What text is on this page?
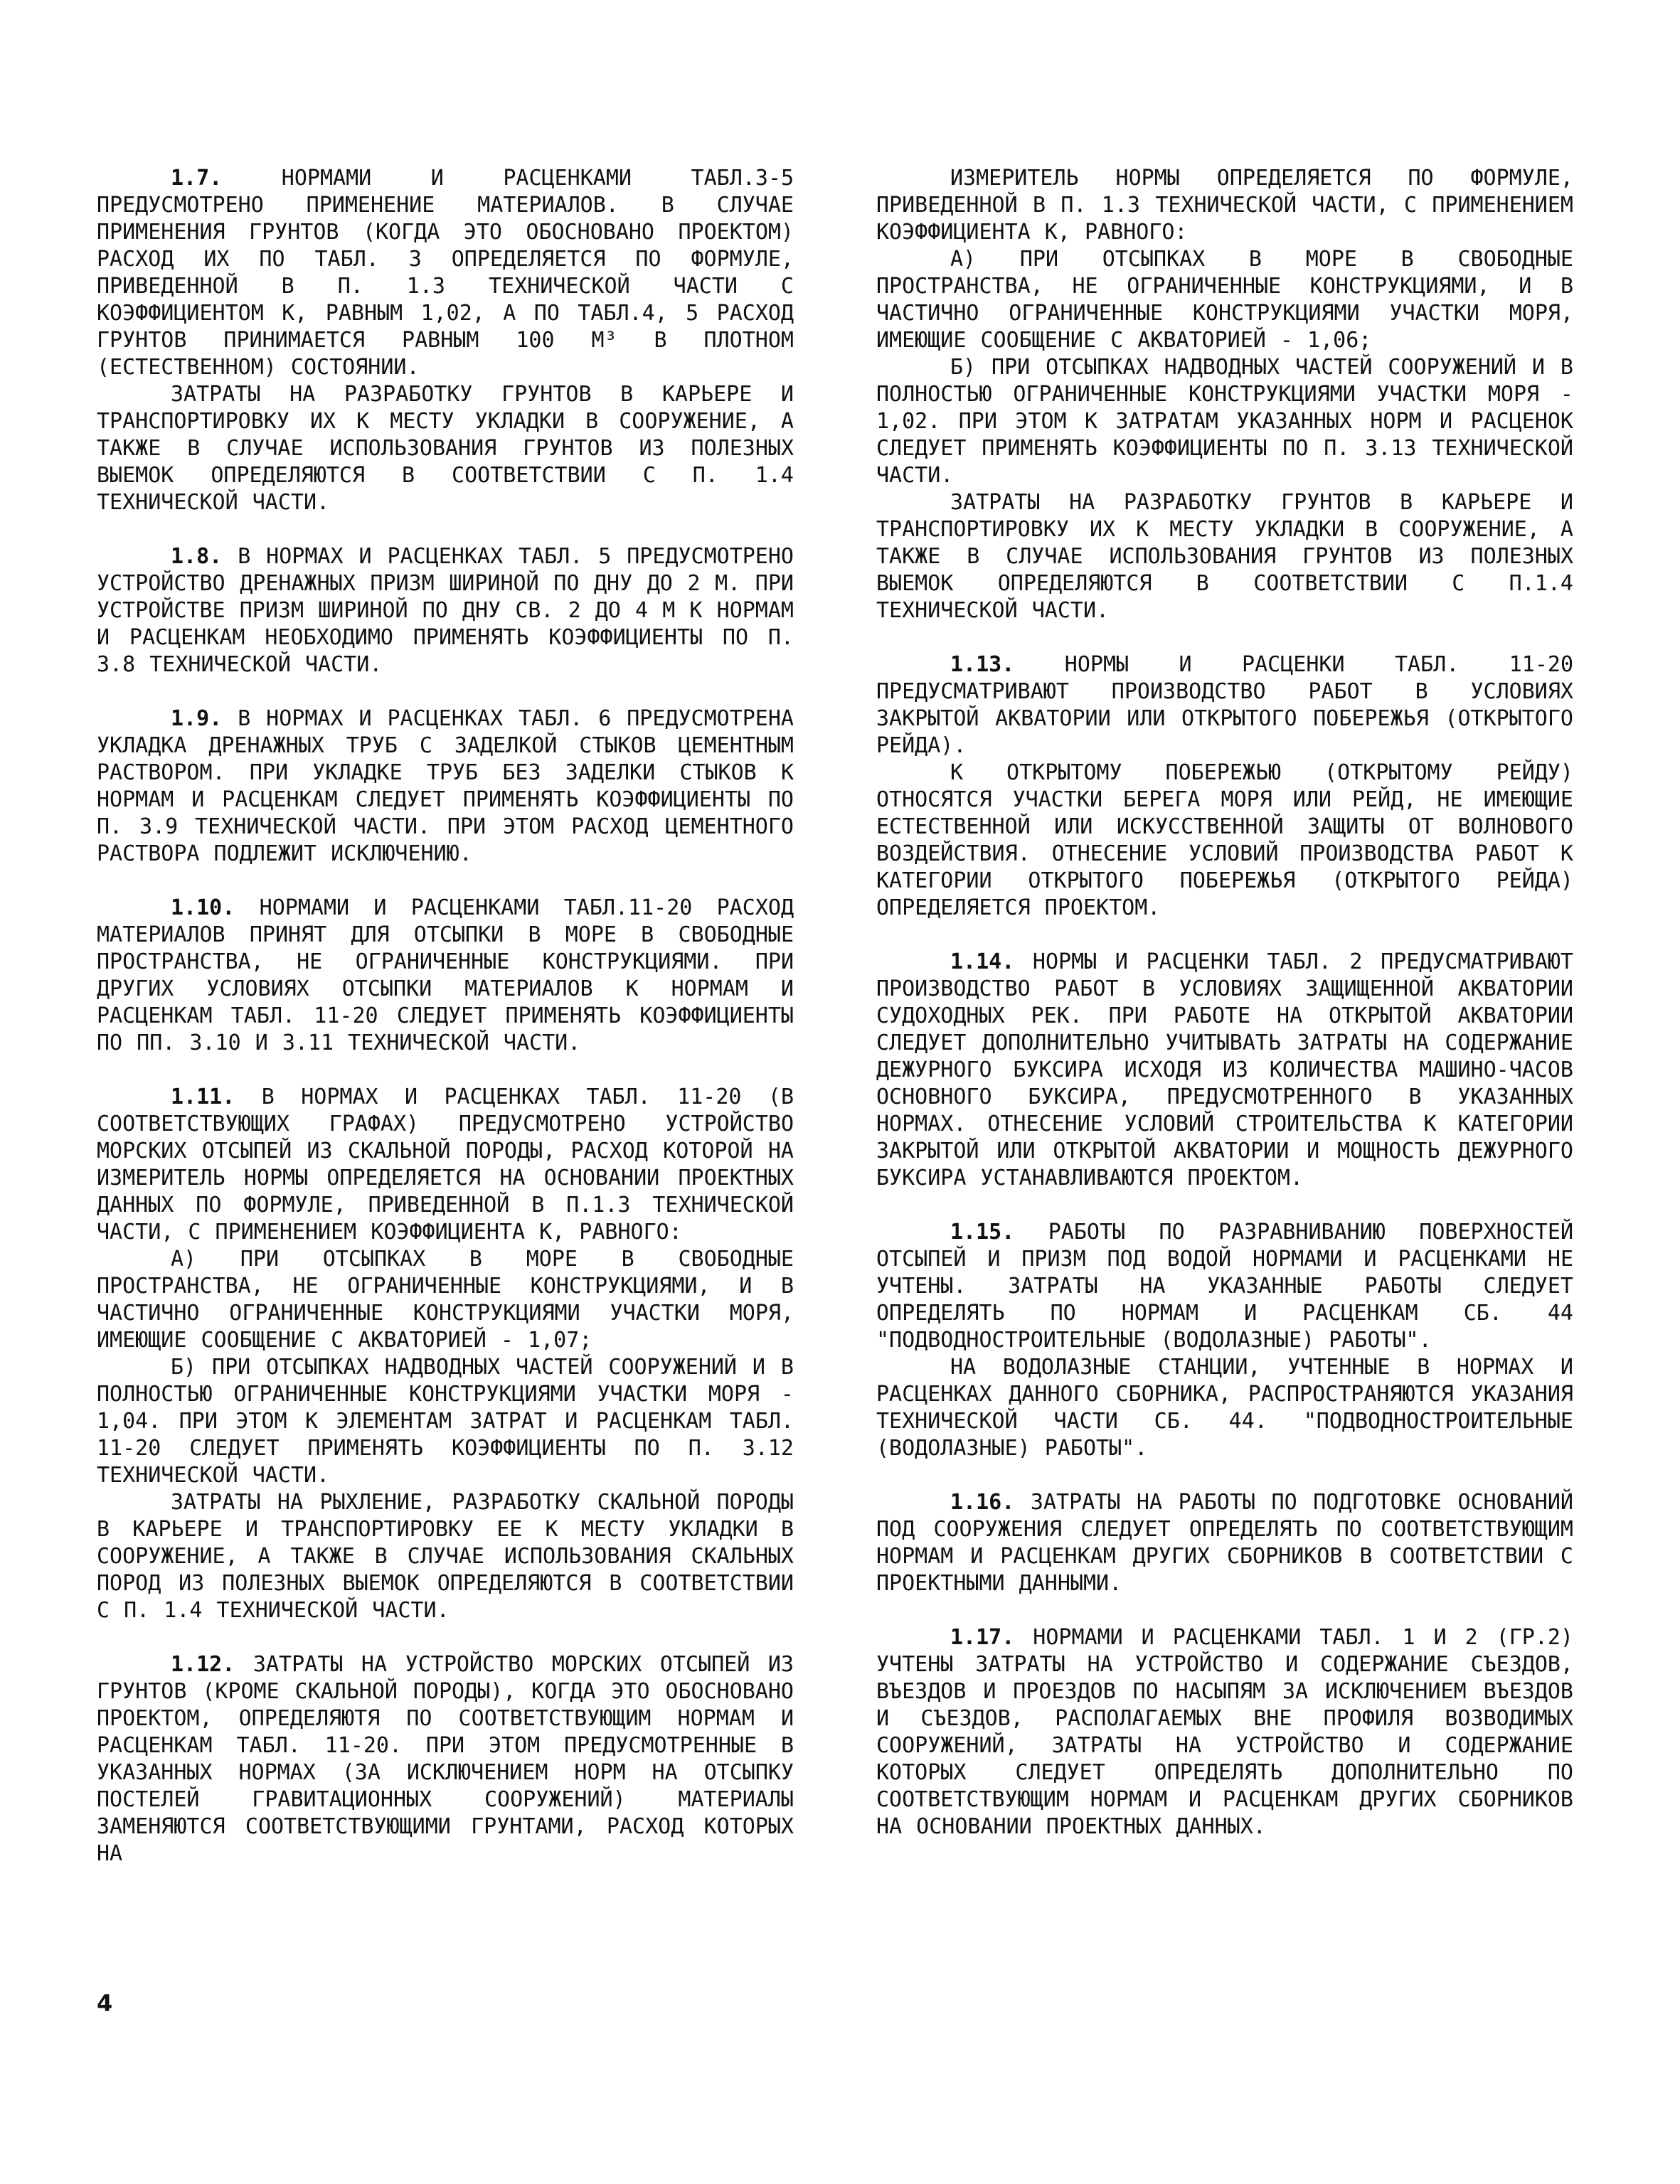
1.7.	НОРМАМИ И РАСЦЕНКАМИ ТАБЛ.3-5 ПРЕДУСМОТРЕНО ПРИМЕНЕНИЕ МАТЕРИАЛОВ. В СЛУЧАЕ ПРИМЕНЕНИЯ ГРУНТОВ (КОГДА ЭТО ОБОСНОВАНО ПРОЕКТОМ) РАСХОД ИХ ПО ТАБЛ. 3 ОПРЕДЕЛЯЕТСЯ ПО ФОРМУЛЕ, ПРИВЕДЕННОЙ В П. 1.3 ТЕХНИЧЕСКОЙ ЧАСТИ С КОЭФФИЦИЕНТОМ К, РАВНЫМ 1,02, А ПО ТАБЛ.4, 5 РАСХОД ГРУНТОВ ПРИНИМАЕТСЯ РАВНЫМ 100 М³ В ПЛОТНОМ (ЕСТЕСТВЕННОМ) СОСТОЯНИИ.

ЗАТРАТЫ НА РАЗРАБОТКУ ГРУНТОВ В КАРЬЕРЕ И ТРАНСПОРТИРОВКУ ИХ К МЕСТУ УКЛАДКИ В СООРУЖЕНИЕ, А ТАКЖЕ В СЛУЧАЕ ИСПОЛЬЗОВАНИЯ ГРУНТОВ ИЗ ПОЛЕЗНЫХ ВЫЕМОК ОПРЕДЕЛЯЮТСЯ В СООТВЕТСТВИИ С П. 1.4 ТЕХНИЧЕСКОЙ ЧАСТИ.

1.8. В НОРМАХ И РАСЦЕНКАХ ТАБЛ. 5 ПРЕДУСМОТРЕНО УСТРОЙСТВО ДРЕНАЖНЫХ ПРИЗМ ШИРИНОЙ ПО ДНУ ДО 2 М. ПРИ УСТРОЙСТВЕ ПРИЗМ ШИРИНОЙ ПО ДНУ СВ. 2 ДО 4 М К НОРМАМ И РАСЦЕНКАМ НЕОБХОДИМО ПРИМЕНЯТЬ КОЭФФИЦИЕНТЫ ПО П. 3.8 ТЕХНИЧЕСКОЙ ЧАСТИ.

1.9. В НОРМАХ И РАСЦЕНКАХ ТАБЛ. 6 ПРЕДУСМОТРЕНА УКЛАДКА ДРЕНАЖНЫХ ТРУБ С ЗАДЕЛКОЙ СТЫКОВ ЦЕМЕНТНЫМ РАСТВОРОМ. ПРИ УКЛАДКЕ ТРУБ БЕЗ ЗАДЕЛКИ СТЫКОВ К НОРМАМ И РАСЦЕНКАМ СЛЕДУЕТ ПРИМЕНЯТЬ КОЭФФИЦИЕНТЫ ПО П. 3.9 ТЕХНИЧЕСКОЙ ЧАСТИ. ПРИ ЭТОМ РАСХОД ЦЕМЕНТНОГО РАСТВОРА ПОДЛЕЖИТ ИСКЛЮЧЕНИЮ.

1.10. НОРМАМИ И РАСЦЕНКАМИ ТАБЛ.11-20 РАСХОД МАТЕРИАЛОВ ПРИНЯТ ДЛЯ ОТСЫПКИ В МОРЕ В СВОБОДНЫЕ ПРОСТРАНСТВА, НЕ ОГРАНИЧЕННЫЕ КОНСТРУКЦИЯМИ. ПРИ ДРУГИХ УСЛОВИЯХ ОТСЫПКИ МАТЕРИАЛОВ К НОРМАМ И РАСЦЕНКАМ ТАБЛ. 11-20 СЛЕДУЕТ ПРИМЕНЯТЬ КОЭФФИЦИЕНТЫ ПО ПП. 3.10 И 3.11 ТЕХНИЧЕСКОЙ ЧАСТИ.

1.11. В НОРМАХ И РАСЦЕНКАХ ТАБЛ. 11-20 (В СООТВЕТСТВУЮЩИХ ГРАФАХ) ПРЕДУСМОТРЕНО УСТРОЙСТВО МОРСКИХ ОТСЫПЕЙ ИЗ СКАЛЬНОЙ ПОРОДЫ, РАСХОД КОТОРОЙ НА ИЗМЕРИТЕЛЬ НОРМЫ ОПРЕДЕЛЯЕТСЯ НА ОСНОВАНИИ ПРОЕКТНЫХ ДАННЫХ ПО ФОРМУЛЕ, ПРИВЕДЕННОЙ В П.1.3 ТЕХНИЧЕСКОЙ ЧАСТИ, С ПРИМЕНЕНИЕМ КОЭФФИЦИЕНТА К, РАВНОГО:

А) ПРИ ОТСЫПКАХ В МОРЕ В СВОБОДНЫЕ ПРОСТРАНСТВА, НЕ ОГРАНИЧЕННЫЕ КОНСТРУКЦИЯМИ, И В ЧАСТИЧНО ОГРАНИЧЕННЫЕ КОНСТРУКЦИЯМИ УЧАСТКИ МОРЯ, ИМЕЮЩИЕ СООБЩЕНИЕ С АКВАТОРИЕЙ - 1,07;

Б) ПРИ ОТСЫПКАХ НАДВОДНЫХ ЧАСТЕЙ СООРУЖЕНИЙ И В ПОЛНОСТЬЮ ОГРАНИЧЕННЫЕ КОНСТРУКЦИЯМИ УЧАСТКИ МОРЯ - 1,04. ПРИ ЭТОМ К ЭЛЕМЕНТАМ ЗАТРАТ И РАСЦЕНКАМ ТАБЛ. 11-20 СЛЕДУЕТ ПРИМЕНЯТЬ КОЭФФИЦИЕНТЫ ПО П. 3.12 ТЕХНИЧЕСКОЙ ЧАСТИ.

ЗАТРАТЫ НА РЫХЛЕНИЕ, РАЗРАБОТКУ СКАЛЬНОЙ ПОРОДЫ В КАРЬЕРЕ И ТРАНСПОРТИРОВКУ ЕЕ К МЕСТУ УКЛАДКИ В СООРУЖЕНИЕ, А ТАКЖЕ В СЛУЧАЕ ИСПОЛЬЗОВАНИЯ СКАЛЬНЫХ ПОРОД ИЗ ПОЛЕЗНЫХ ВЫЕМОК ОПРЕДЕЛЯЮТСЯ В СООТВЕТСТВИИ С П. 1.4 ТЕХНИЧЕСКОЙ ЧАСТИ.

1.12. ЗАТРАТЫ НА УСТРОЙСТВО МОРСКИХ ОТСЫПЕЙ ИЗ ГРУНТОВ (КРОМЕ СКАЛЬНОЙ ПОРОДЫ), КОГДА ЭТО ОБОСНОВАНО ПРОЕКТОМ, ОПРЕДЕЛЯЮТЯ ПО СООТВЕТСТВУЮЩИМ НОРМАМ И РАСЦЕНКАМ ТАБЛ. 11-20. ПРИ ЭТОМ ПРЕДУСМОТРЕННЫЕ В УКАЗАННЫХ НОРМАХ (ЗА ИСКЛЮЧЕНИЕМ НОРМ НА ОТСЫПКУ ПОСТЕЛЕЙ ГРАВИТАЦИОННЫХ СООРУЖЕНИЙ) МАТЕРИАЛЫ ЗАМЕНЯЮТСЯ СООТВЕТСТВУЮЩИМИ ГРУНТАМИ, РАСХОД КОТОРЫХ НА

ИЗМЕРИТЕЛЬ НОРМЫ ОПРЕДЕЛЯЕТСЯ ПО ФОРМУЛЕ, ПРИВЕДЕННОЙ В П. 1.3 ТЕХНИЧЕСКОЙ ЧАСТИ, С ПРИМЕНЕНИЕМ КОЭФФИЦИЕНТА К, РАВНОГО:

А) ПРИ ОТСЫПКАХ В МОРЕ В СВОБОДНЫЕ ПРОСТРАНСТВА, НЕ ОГРАНИЧЕННЫЕ КОНСТРУКЦИЯМИ, И В ЧАСТИЧНО ОГРАНИЧЕННЫЕ КОНСТРУКЦИЯМИ УЧАСТКИ МОРЯ, ИМЕЮЩИЕ СООБЩЕНИЕ С АКВАТОРИЕЙ - 1,06;

Б) ПРИ ОТСЫПКАХ НАДВОДНЫХ ЧАСТЕЙ СООРУЖЕНИЙ И В ПОЛНОСТЬЮ ОГРАНИЧЕННЫЕ КОНСТРУКЦИЯМИ УЧАСТКИ МОРЯ - 1,02. ПРИ ЭТОМ К ЗАТРАТАМ УКАЗАННЫХ НОРМ И РАСЦЕНОК СЛЕДУЕТ ПРИМЕНЯТЬ КОЭФФИЦИЕНТЫ ПО П. 3.13 ТЕХНИЧЕСКОЙ ЧАСТИ.

ЗАТРАТЫ НА РАЗРАБОТКУ ГРУНТОВ В КАРЬЕРЕ И ТРАНСПОРТИРОВКУ ИХ К МЕСТУ УКЛАДКИ В СООРУЖЕНИЕ, А ТАКЖЕ В СЛУЧАЕ ИСПОЛЬЗОВАНИЯ ГРУНТОВ ИЗ ПОЛЕЗНЫХ ВЫЕМОК ОПРЕДЕЛЯЮТСЯ В СООТВЕТСТВИИ С П.1.4 ТЕХНИЧЕСКОЙ ЧАСТИ.

1.13. НОРМЫ И РАСЦЕНКИ ТАБЛ. 11-20 ПРЕДУСМАТРИВАЮТ ПРОИЗВОДСТВО РАБОТ В УСЛОВИЯХ ЗАКРЫТОЙ АКВАТОРИИ ИЛИ ОТКРЫТОГО ПОБЕРЕЖЬЯ (ОТКРЫТОГО РЕЙДА).

К ОТКРЫТОМУ ПОБЕРЕЖЬЮ (ОТКРЫТОМУ РЕЙДУ) ОТНОСЯТСЯ УЧАСТКИ БЕРЕГА МОРЯ ИЛИ РЕЙД, НЕ ИМЕЮЩИЕ ЕСТЕСТВЕННОЙ ИЛИ ИСКУССТВЕННОЙ ЗАЩИТЫ ОТ ВОЛНОВОГО ВОЗДЕЙСТВИЯ. ОТНЕСЕНИЕ УСЛОВИЙ ПРОИЗВОДСТВА РАБОТ К КАТЕГОРИИ ОТКРЫТОГО ПОБЕРЕЖЬЯ (ОТКРЫТОГО РЕЙДА) ОПРЕДЕЛЯЕТСЯ ПРОЕКТОМ.

1.14. НОРМЫ И РАСЦЕНКИ ТАБЛ. 2 ПРЕДУСМАТРИВАЮТ ПРОИЗВОДСТВО РАБОТ В УСЛОВИЯХ ЗАЩИЩЕННОЙ АКВАТОРИИ СУДОХОДНЫХ РЕК. ПРИ РАБОТЕ НА ОТКРЫТОЙ АКВАТОРИИ СЛЕДУЕТ ДОПОЛНИТЕЛЬНО УЧИТЫВАТЬ ЗАТРАТЫ НА СОДЕРЖАНИЕ ДЕЖУРНОГО БУКСИРА ИСХОДЯ ИЗ КОЛИЧЕСТВА МАШИНО-ЧАСОВ ОСНОВНОГО БУКСИРА, ПРЕДУСМОТРЕННОГО В УКАЗАННЫХ НОРМАХ. ОТНЕСЕНИЕ УСЛОВИЙ СТРОИТЕЛЬСТВА К КАТЕГОРИИ ЗАКРЫТОЙ ИЛИ ОТКРЫТОЙ АКВАТОРИИ И МОЩНОСТЬ ДЕЖУРНОГО БУКСИРА УСТАНАВЛИВАЮТСЯ ПРОЕКТОМ.

1.15. РАБОТЫ ПО РАЗРАВНИВАНИЮ ПОВЕРХНОСТЕЙ ОТСЫПЕЙ И ПРИЗМ ПОД ВОДОЙ НОРМАМИ И РАСЦЕНКАМИ НЕ УЧТЕНЫ. ЗАТРАТЫ НА УКАЗАННЫЕ РАБОТЫ СЛЕДУЕТ ОПРЕДЕЛЯТЬ ПО НОРМАМ И РАСЦЕНКАМ СБ. 44 "ПОДВОДНОСТРОИТЕЛЬНЫЕ (ВОДОЛАЗНЫЕ) РАБОТЫ".

НА ВОДОЛАЗНЫЕ СТАНЦИИ, УЧТЕННЫЕ В НОРМАХ И РАСЦЕНКАХ ДАННОГО СБОРНИКА, РАСПРОСТРАНЯЮТСЯ УКАЗАНИЯ ТЕХНИЧЕСКОЙ ЧАСТИ СБ. 44. "ПОДВОДНОСТРОИТЕЛЬНЫЕ (ВОДОЛАЗНЫЕ) РАБОТЫ".

1.16. ЗАТРАТЫ НА РАБОТЫ ПО ПОДГОТОВКЕ ОСНОВАНИЙ ПОД СООРУЖЕНИЯ СЛЕДУЕТ ОПРЕДЕЛЯТЬ ПО СООТВЕТСТВУЮЩИМ НОРМАМ И РАСЦЕНКАМ ДРУГИХ СБОРНИКОВ В СООТВЕТСТВИИ С ПРОЕКТНЫМИ ДАННЫМИ.

1.17. НОРМАМИ И РАСЦЕНКАМИ ТАБЛ. 1 И 2 (ГР.2) УЧТЕНЫ ЗАТРАТЫ НА УСТРОЙСТВО И СОДЕРЖАНИЕ СЪЕЗДОВ, ВЪЕЗДОВ И ПРОЕЗДОВ ПО НАСЫПЯМ ЗА ИСКЛЮЧЕНИЕМ ВЪЕЗДОВ И СЪЕЗДОВ, РАСПОЛАГАЕМЫХ ВНЕ ПРОФИЛЯ ВОЗВОДИМЫХ СООРУЖЕНИЙ, ЗАТРАТЫ НА УСТРОЙСТВО И СОДЕРЖАНИЕ КОТОРЫХ СЛЕДУЕТ ОПРЕДЕЛЯТЬ ДОПОЛНИТЕЛЬНО ПО СООТВЕТСТВУЮЩИМ НОРМАМ И РАСЦЕНКАМ ДРУГИХ СБОРНИКОВ НА ОСНОВАНИИ ПРОЕКТНЫХ ДАННЫХ.

4
